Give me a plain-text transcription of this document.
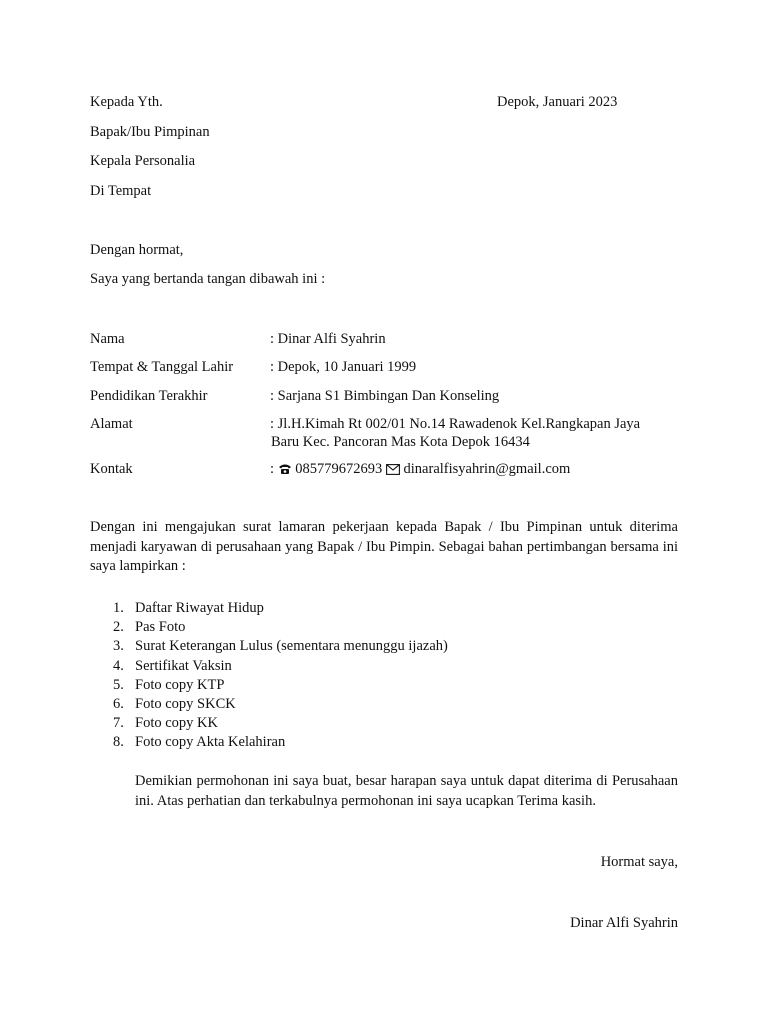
Kepada Yth.	Depok, Januari 2023
Bapak/Ibu Pimpinan
Kepala Personalia
Di Tempat
Dengan hormat,
Saya yang bertanda tangan dibawah ini :
Nama	: Dinar Alfi Syahrin
Tempat & Tanggal Lahir	: Depok, 10 Januari 1999
Pendidikan Terakhir	: Sarjana S1 Bimbingan Dan Konseling
Alamat	: Jl.H.Kimah Rt 002/01 No.14 Rawadenok Kel.Rangkapan Jaya
Baru Kec. Pancoran Mas Kota Depok 16434
Kontak	: 085779672693 dinaralfisyahrin@gmail.com
Dengan ini mengajukan surat lamaran pekerjaan kepada Bapak / Ibu Pimpinan untuk diterima menjadi karyawan di perusahaan yang Bapak / Ibu Pimpin. Sebagai bahan pertimbangan bersama ini saya lampirkan :
1. Daftar Riwayat Hidup
2. Pas Foto
3. Surat Keterangan Lulus (sementara menunggu ijazah)
4. Sertifikat Vaksin
5. Foto copy KTP
6. Foto copy SKCK
7. Foto copy KK
8. Foto copy Akta Kelahiran
Demikian permohonan ini saya buat, besar harapan saya untuk dapat diterima di Perusahaan ini. Atas perhatian dan terkabulnya permohonan ini saya ucapkan Terima kasih.
Hormat saya,
Dinar Alfi Syahrin
